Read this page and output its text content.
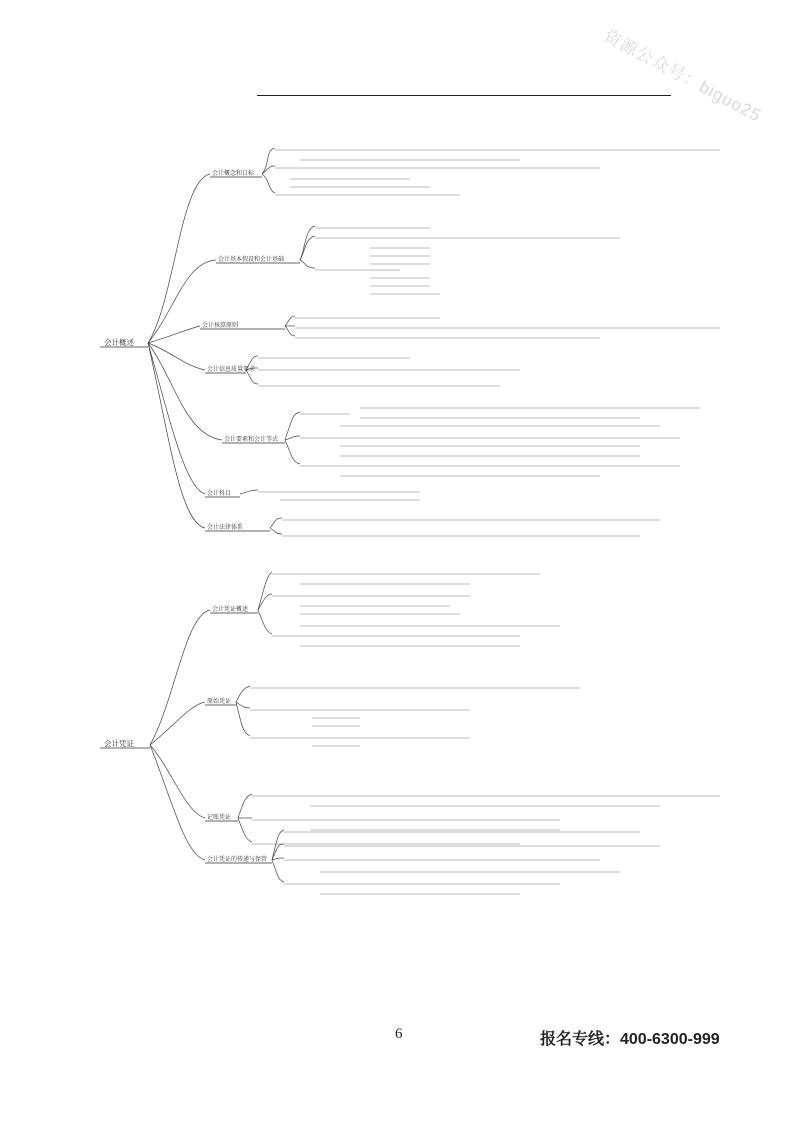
资源公众号：biguo25
会计概述
会计凭证
会计概念和目标
会计基本假设和会计基础
会计核算原则
会计信息质量要求
会计要素和会计等式
会计科目
会计法律体系
会计凭证概述
原始凭证
记账凭证
会计凭证的传递与保管
6	报名专线：400-6300-999
